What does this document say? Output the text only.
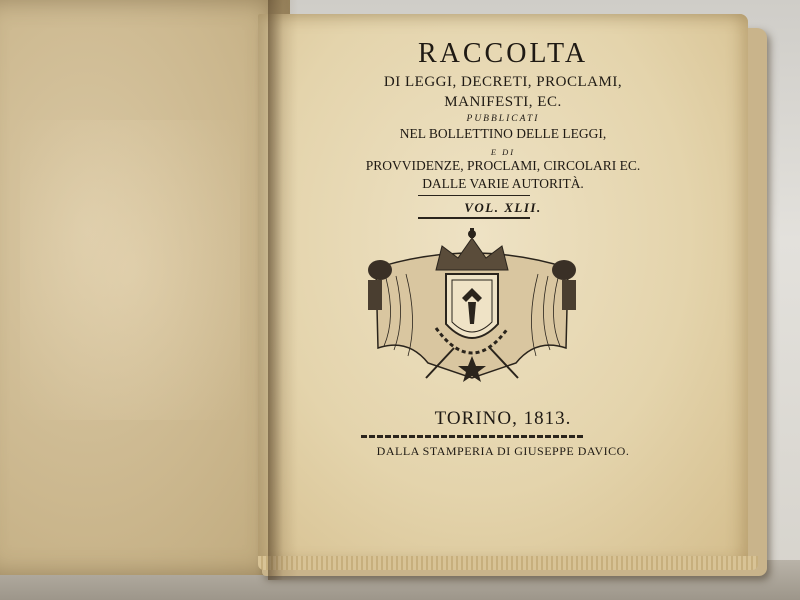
RACCOLTA
DI LEGGI, DECRETI, PROCLAMI,
MANIFESTI, EC.
PUBBLICATI
NEL BOLLETTINO DELLE LEGGI,
E DI
PROVVIDENZE, PROCLAMI, CIRCOLARI EC.
DALLE VARIE AUTORITÀ.
VOL. XLII.
TORINO, 1813.
DALLA STAMPERIA DI GIUSEPPE DAVICO.
